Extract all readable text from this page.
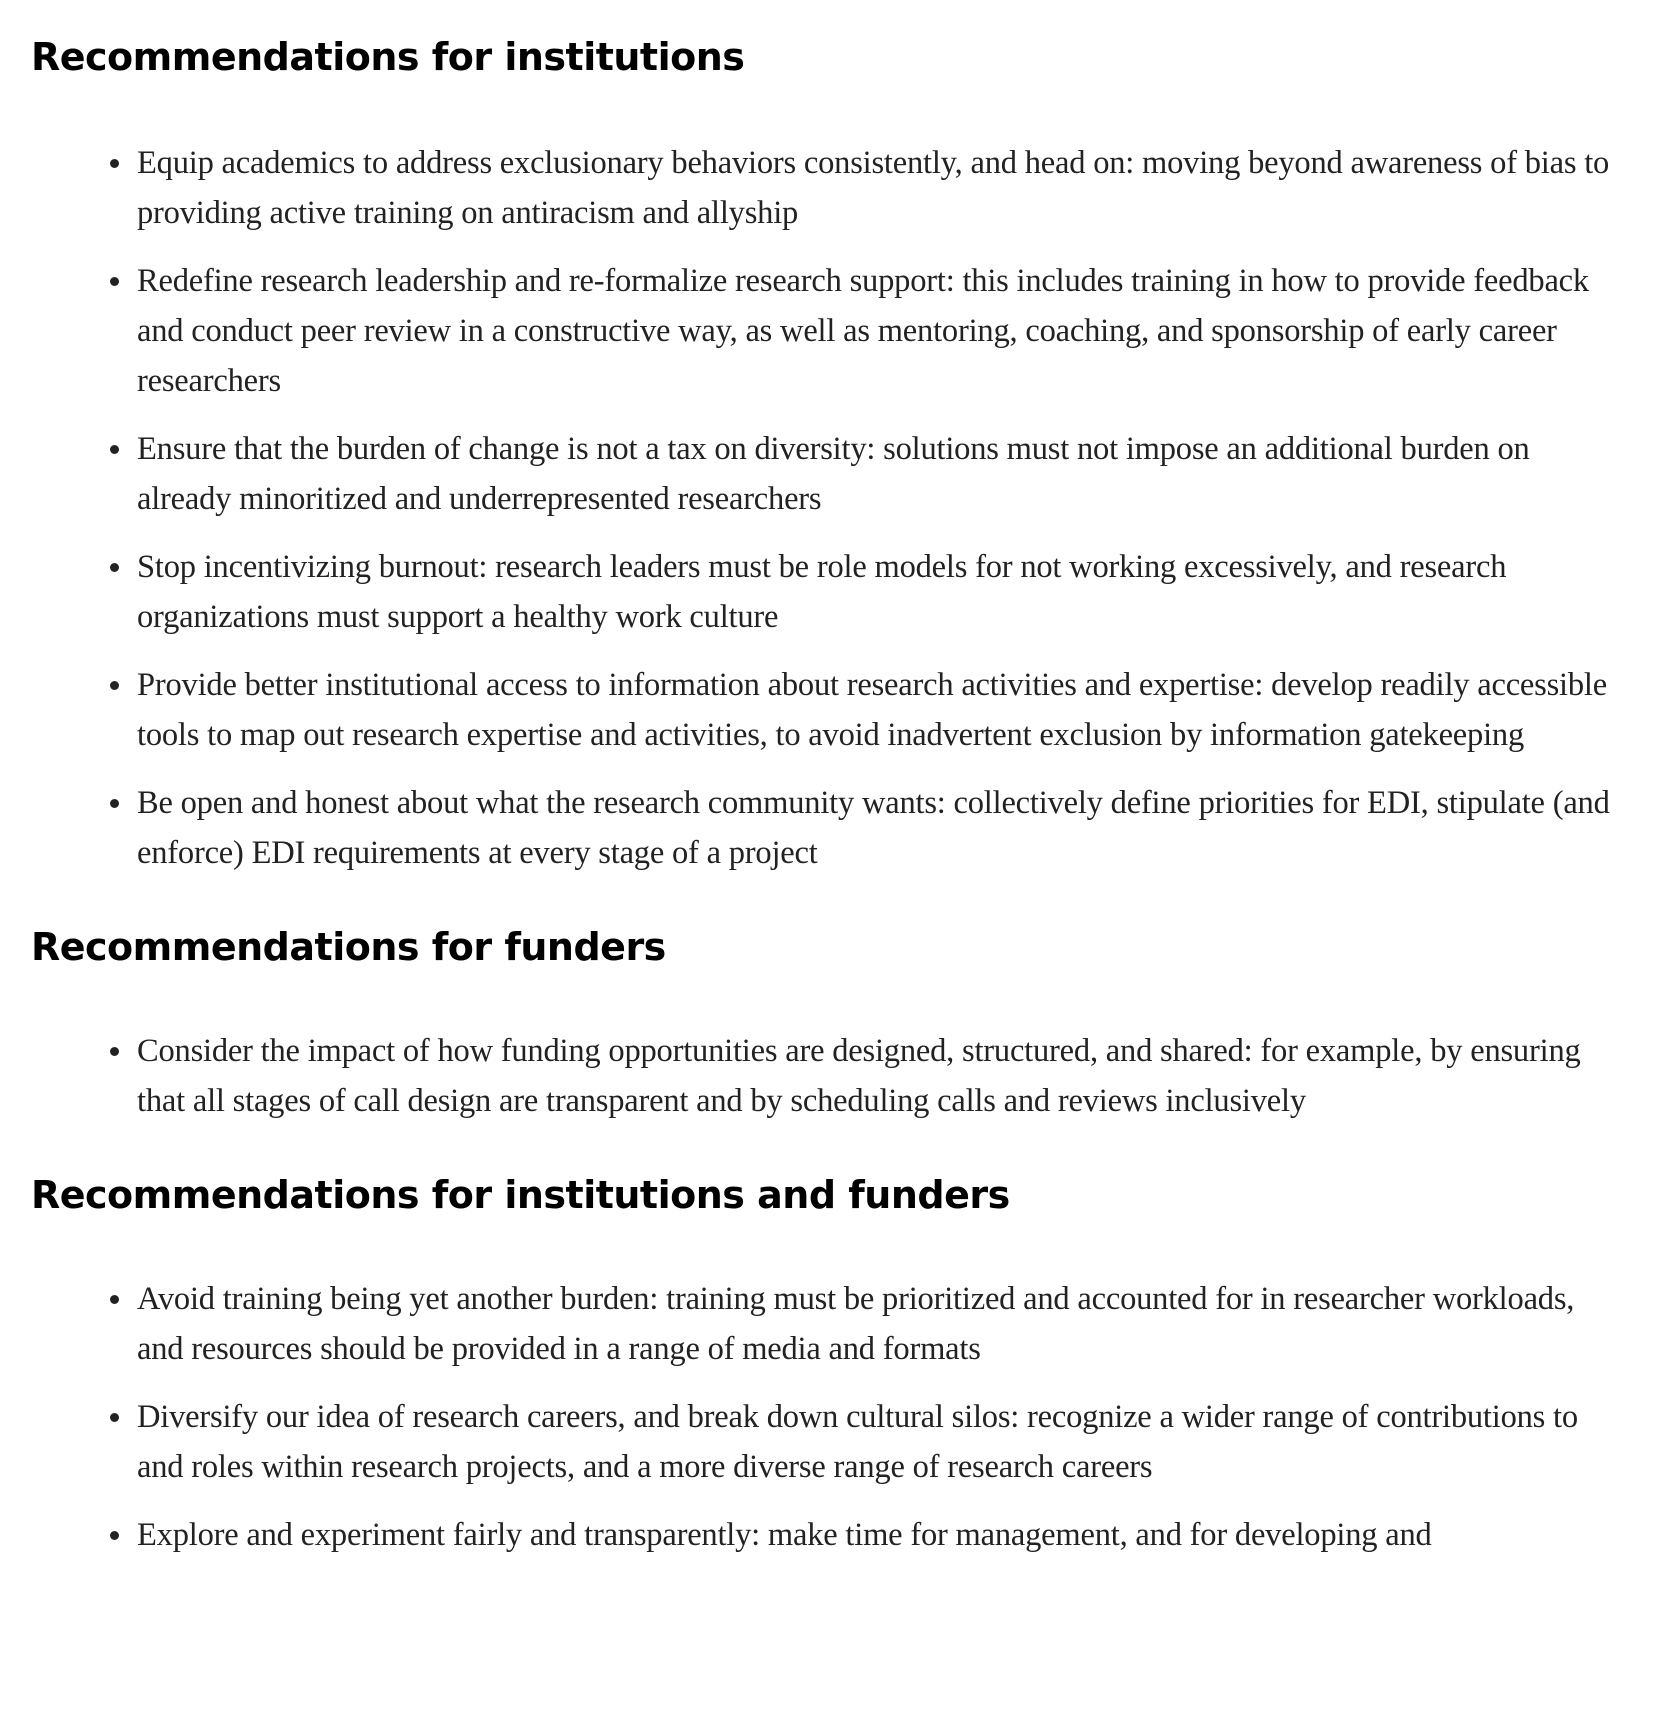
Recommendations for institutions
Equip academics to address exclusionary behaviors consistently, and head on: moving beyond awareness of bias to providing active training on antiracism and allyship
Redefine research leadership and re-formalize research support: this includes training in how to provide feedback and conduct peer review in a constructive way, as well as mentoring, coaching, and sponsorship of early career researchers
Ensure that the burden of change is not a tax on diversity: solutions must not impose an additional burden on already minoritized and underrepresented researchers
Stop incentivizing burnout: research leaders must be role models for not working excessively, and research organizations must support a healthy work culture
Provide better institutional access to information about research activities and expertise: develop readily accessible tools to map out research expertise and activities, to avoid inadvertent exclusion by information gatekeeping
Be open and honest about what the research community wants: collectively define priorities for EDI, stipulate (and enforce) EDI requirements at every stage of a project
Recommendations for funders
Consider the impact of how funding opportunities are designed, structured, and shared: for example, by ensuring that all stages of call design are transparent and by scheduling calls and reviews inclusively
Recommendations for institutions and funders
Avoid training being yet another burden: training must be prioritized and accounted for in researcher workloads, and resources should be provided in a range of media and formats
Diversify our idea of research careers, and break down cultural silos: recognize a wider range of contributions to and roles within research projects, and a more diverse range of research careers
Explore and experiment fairly and transparently: make time for management, and for developing and
